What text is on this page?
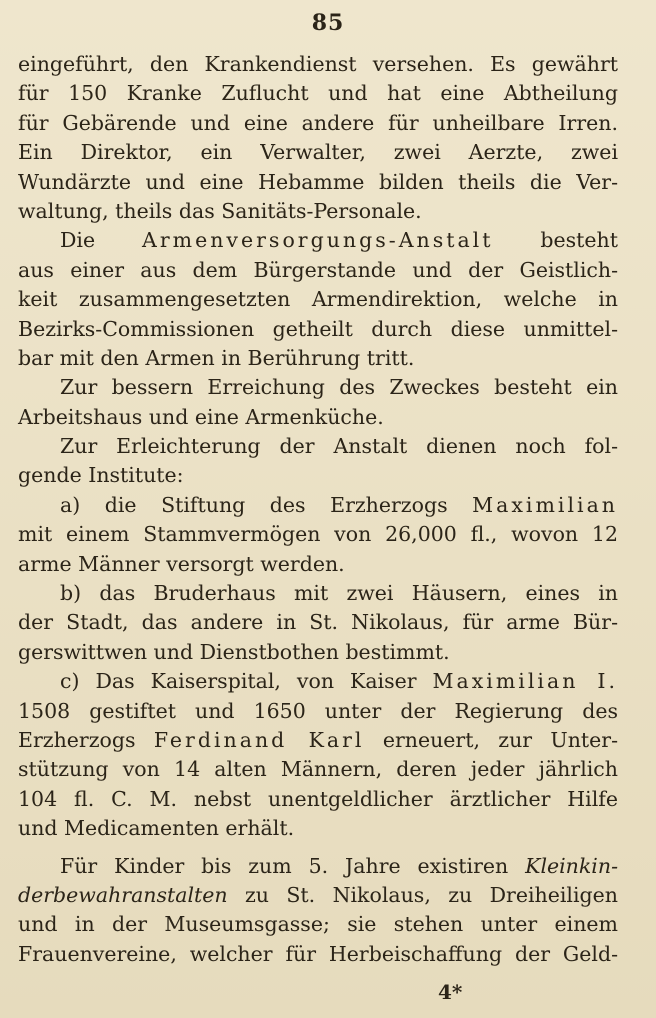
85
eingeführt, den Krankendienst versehen. Es gewährt
für 150 Kranke Zuflucht und hat eine Abtheilung
für Gebärende und eine andere für unheilbare Irren.
Ein Direktor, ein Verwalter, zwei Aerzte, zwei
Wundärzte und eine Hebamme bilden theils die Ver-
waltung, theils das Sanitäts-Personale.
Die Armenversorgungs-Anstalt besteht
aus einer aus dem Bürgerstande und der Geistlich-
keit zusammengesetzten Armendirektion, welche in
Bezirks-Commissionen getheilt durch diese unmittel-
bar mit den Armen in Berührung tritt.
Zur bessern Erreichung des Zweckes besteht ein
Arbeitshaus und eine Armenküche.
Zur Erleichterung der Anstalt dienen noch fol-
gende Institute:
a) die Stiftung des Erzherzogs Maximilian
mit einem Stammvermögen von 26,000 fl., wovon 12
arme Männer versorgt werden.
b) das Bruderhaus mit zwei Häusern, eines in
der Stadt, das andere in St. Nikolaus, für arme Bür-
gerswittwen und Dienstbothen bestimmt.
c) Das Kaiserspital, von Kaiser Maximilian I.
1508 gestiftet und 1650 unter der Regierung des
Erzherzogs Ferdinand Karl erneuert, zur Unter-
stützung von 14 alten Männern, deren jeder jährlich
104 fl. C. M. nebst unentgeldlicher ärztlicher Hilfe
und Medicamenten erhält.
Für Kinder bis zum 5. Jahre existiren Kleinkin-
derbewahranstalten zu St. Nikolaus, zu Dreiheiligen
und in der Museumsgasse; sie stehen unter einem
Frauenvereine, welcher für Herbeischaffung der Geld-
4*
